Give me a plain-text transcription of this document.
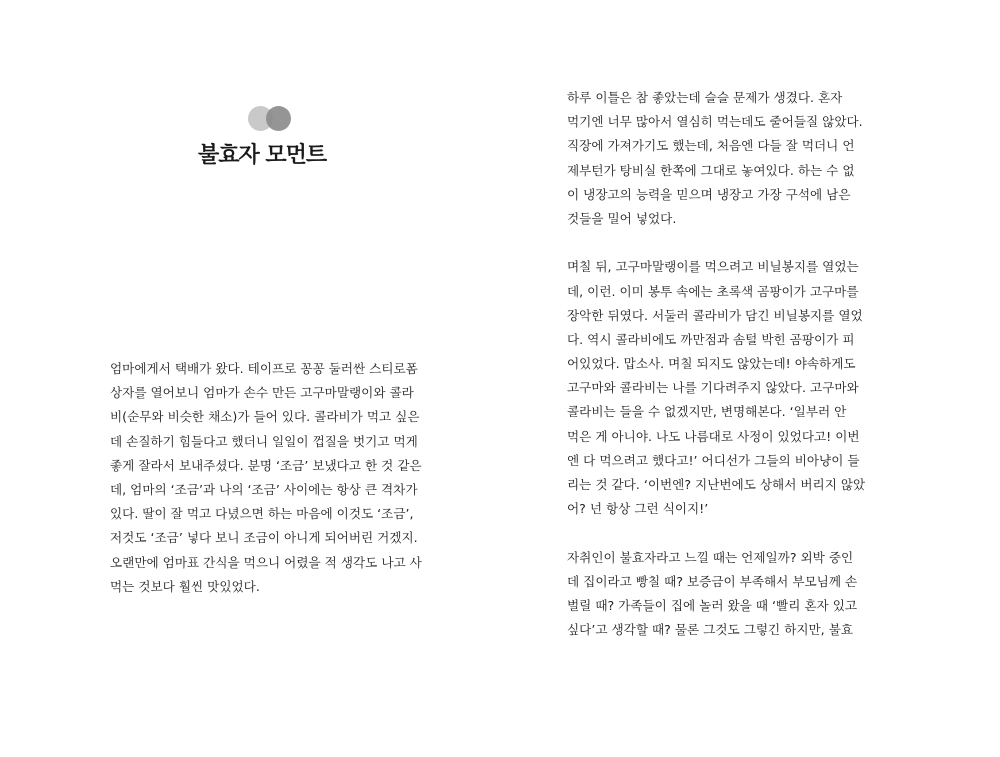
불효자 모먼트

엄마에게서 택배가 왔다. 테이프로 꽁꽁 둘러싼 스티로폼
상자를 열어보니 엄마가 손수 만든 고구마말랭이와 콜라
비(순무와 비슷한 채소)가 들어 있다. 콜라비가 먹고 싶은
데 손질하기 힘들다고 했더니 일일이 껍질을 벗기고 먹게
좋게 잘라서 보내주셨다. 분명 ‘조금’ 보냈다고 한 것 같은
데, 엄마의 ‘조금’과 나의 ‘조금’ 사이에는 항상 큰 격차가
있다. 딸이 잘 먹고 다녔으면 하는 마음에 이것도 ‘조금’,
저것도 ‘조금’ 넣다 보니 조금이 아니게 되어버린 거겠지.
오랜만에 엄마표 간식을 먹으니 어렸을 적 생각도 나고 사
먹는 것보다 훨씬 맛있었다.

하루 이틀은 참 좋았는데 슬슬 문제가 생겼다. 혼자
먹기엔 너무 많아서 열심히 먹는데도 줄어들질 않았다.
직장에 가져가기도 했는데, 처음엔 다들 잘 먹더니 언
제부턴가 탕비실 한쪽에 그대로 놓여있다. 하는 수 없
이 냉장고의 능력을 믿으며 냉장고 가장 구석에 남은
것들을 밀어 넣었다.

며칠 뒤, 고구마말랭이를 먹으려고 비닐봉지를 열었는
데, 이런. 이미 봉투 속에는 초록색 곰팡이가 고구마를
장악한 뒤였다. 서둘러 콜라비가 담긴 비닐봉지를 열었
다. 역시 콜라비에도 까만점과 솜털 박힌 곰팡이가 피
어있었다. 맙소사. 며칠 되지도 않았는데! 야속하게도
고구마와 콜라비는 나를 기다려주지 않았다. 고구마와
콜라비는 들을 수 없겠지만, 변명해본다. ‘일부러 안
먹은 게 아니야. 나도 나름대로 사정이 있었다고! 이번
엔 다 먹으려고 했다고!’ 어디선가 그들의 비아냥이 들
리는 것 같다. ‘이번엔? 지난번에도 상해서 버리지 않았
어? 넌 항상 그런 식이지!’

자취인이 불효자라고 느낄 때는 언제일까? 외박 중인
데 집이라고 빵칠 때? 보증금이 부족해서 부모님께 손
벌릴 때? 가족들이 집에 놀러 왔을 때 ‘빨리 혼자 있고
싶다’고 생각할 때? 물론 그것도 그렇긴 하지만, 불효
